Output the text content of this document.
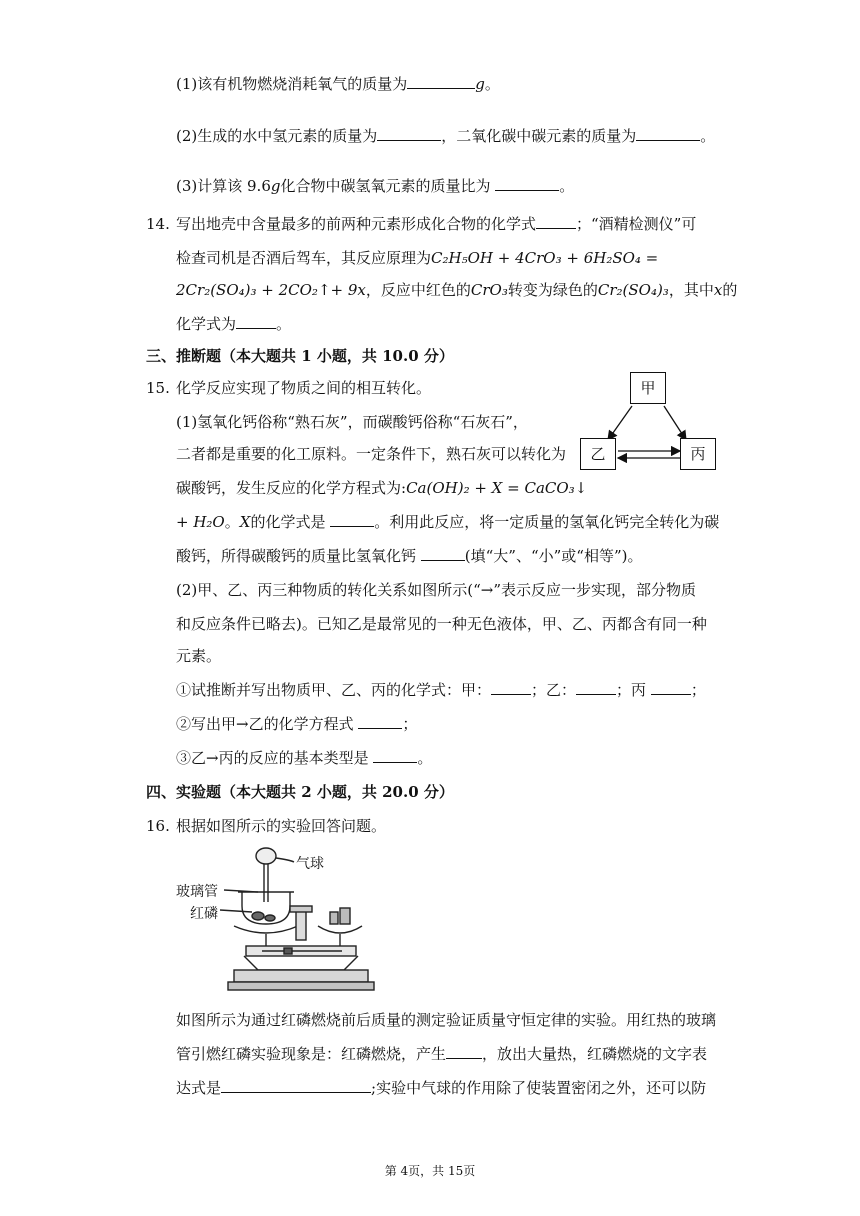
(1)该有机物燃烧消耗氧气的质量为	g。
(2)生成的水中氢元素的质量为	，二氧化碳中碳元素的质量为	。
(3)计算该 9.6g化合物中碳氢氧元素的质量比为	。
14. 写出地壳中含量最多的前两种元素形成化合物的化学式	；“酒精检测仪”可
检查司机是否酒后驾车，其反应原理为C₂H₅OH + 4CrO₃ + 6H₂SO₄ =
2Cr₂(SO₄)₃ + 2CO₂↑+ 9x，反应中红色的CrO₃转变为绿色的Cr₂(SO₄)₃，其中x的
化学式为	。
三、推断题（本大题共 1 小题，共 10.0 分）
15. 化学反应实现了物质之间的相互转化。
(1)氢氧化钙俗称“熟石灰”，而碳酸钙俗称“石灰石”，
二者都是重要的化工原料。一定条件下，熟石灰可以转化为
碳酸钙，发生反应的化学方程式为:Ca(OH)₂ + X = CaCO₃↓
+ H₂O。X的化学式是	。利用此反应，将一定质量的氢氧化钙完全转化为碳
酸钙，所得碳酸钙的质量比氢氧化钙	(填“大”、“小”或“相等”)。
(2)甲、乙、丙三种物质的转化关系如图所示(“→”表示反应一步实现，部分物质
和反应条件已略去)。已知乙是最常见的一种无色液体，甲、乙、丙都含有同一种
元素。
①试推断并写出物质甲、乙、丙的化学式：甲：	；乙：	；丙	；
②写出甲→乙的化学方程式	；
③乙→丙的反应的基本类型是	。
甲
乙	丙
四、实验题（本大题共 2 小题，共 20.0 分）
16. 根据如图所示的实验回答问题。
气球
玻璃管
红磷
如图所示为通过红磷燃烧前后质量的测定验证质量守恒定律的实验。用红热的玻璃
管引燃红磷实验现象是：红磷燃烧，产生 ，放出大量热，红磷燃烧的文字表
达式是	;实验中气球的作用除了使装置密闭之外，还可以防
第 4页，共 15页
